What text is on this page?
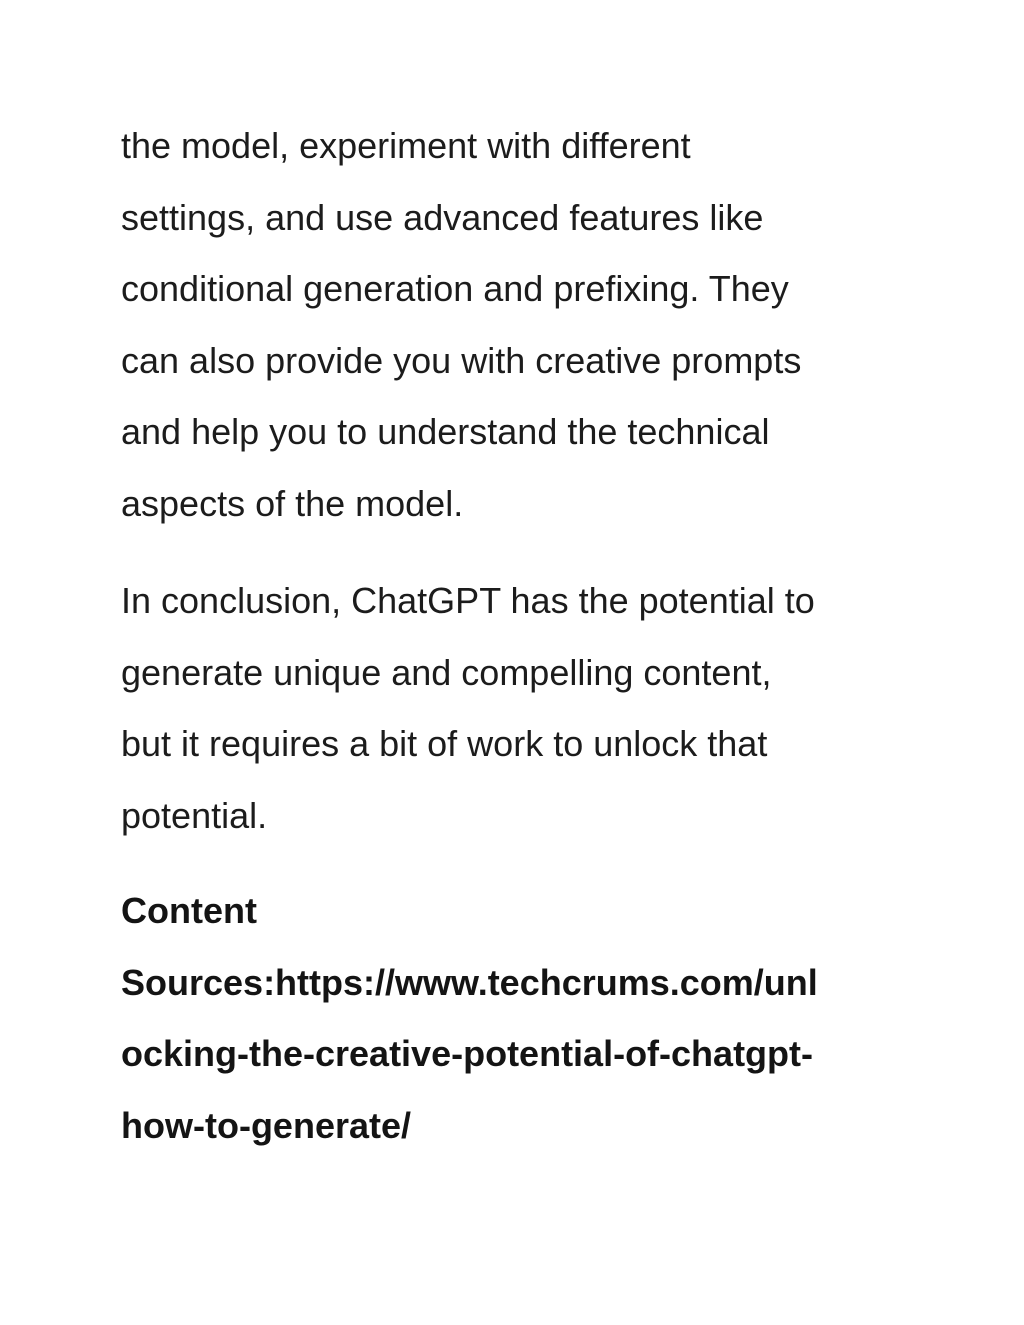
the model, experiment with different
settings, and use advanced features like
conditional generation and prefixing. They
can also provide you with creative prompts
and help you to understand the technical
aspects of the model.
In conclusion, ChatGPT has the potential to
generate unique and compelling content,
but it requires a bit of work to unlock that
potential.
Content
Sources:https://www.techcrums.com/unl
ocking-the-creative-potential-of-chatgpt-
how-to-generate/
